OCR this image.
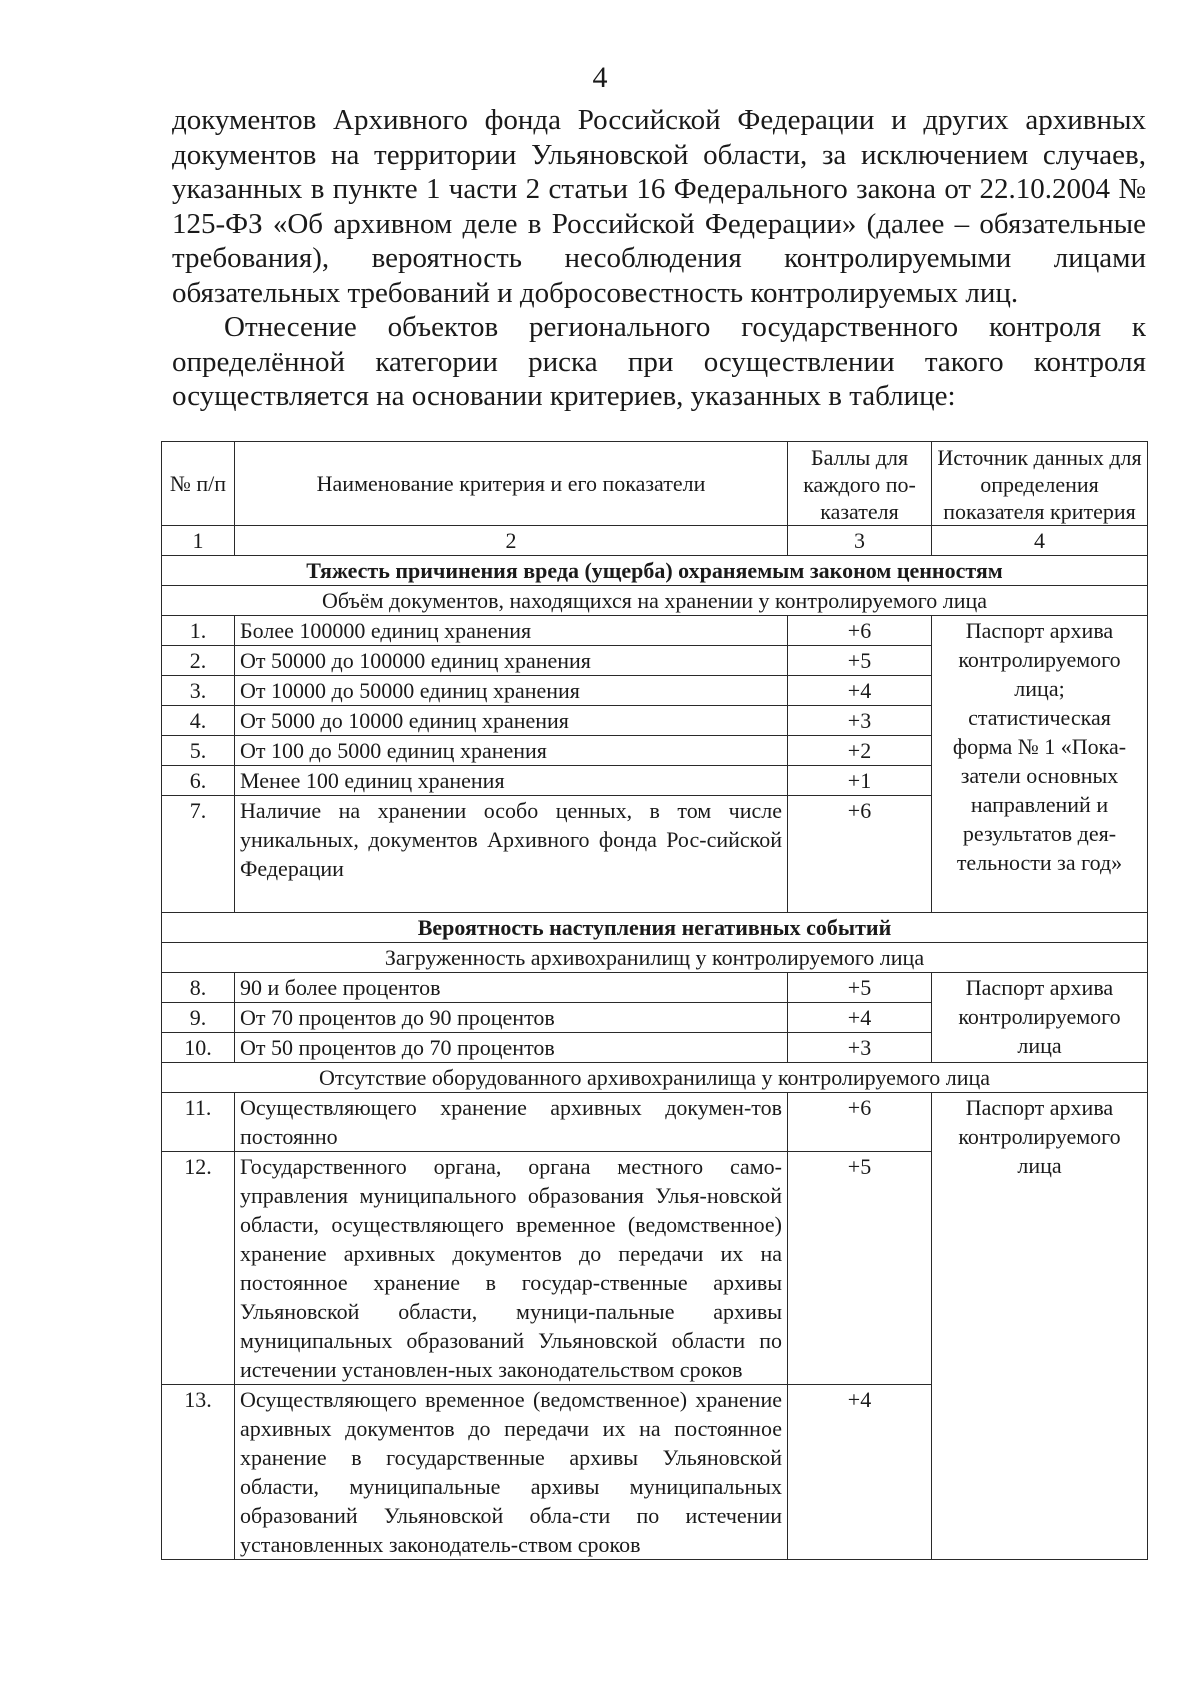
4

документов Архивного фонда Российской Федерации и других архивных документов на территории Ульяновской области, за исключением случаев, указанных в пункте 1 части 2 статьи 16 Федерального закона от 22.10.2004 № 125-ФЗ «Об архивном деле в Российской Федерации» (далее – обязательные требования), вероятность несоблюдения контролируемыми лицами обязательных требований и добросовестность контролируемых лиц.

Отнесение объектов регионального государственного контроля к определённой категории риска при осуществлении такого контроля осуществляется на основании критериев, указанных в таблице:

№ п/п	Наименование критерия и его показатели	Баллы для каждого по-казателя	Источник данных для определения показателя критерия
1	2	3	4
Тяжесть причинения вреда (ущерба) охраняемым законом ценностям			
Объём документов, находящихся на хранении у контролируемого лица			
1.	Более 100000 единиц хранения	+6	Паспорт архива контролируемого лица; статистическая форма № 1 «Пока-затели основных направлений и результатов дея-тельности за год»
2.	От 50000 до 100000 единиц хранения	+5	
3.	От 10000 до 50000 единиц хранения	+4	
4.	От 5000 до 10000 единиц хранения	+3	
5.	От 100 до 5000 единиц хранения	+2	
6.	Менее 100 единиц хранения	+1	
7.	Наличие на хранении особо ценных, в том числе уникальных, документов Архивного фонда Рос-сийской Федерации	+6	
Вероятность наступления негативных событий			
Загруженность архивохранилищ у контролируемого лица			
8.	90 и более процентов	+5	Паспорт архива контролируемого лица
9.	От 70 процентов до 90 процентов	+4	
10.	От 50 процентов до 70 процентов	+3	
Отсутствие оборудованного архивохранилища у контролируемого лица			
11.	Осуществляющего хранение архивных докумен-тов постоянно	+6	Паспорт архива контролируемого лица
12.	Государственного органа, органа местного само-управления муниципального образования Улья-новской области, осуществляющего временное (ведомственное) хранение архивных документов до передачи их на постоянное хранение в государ-ственные архивы Ульяновской области, муници-пальные архивы муниципальных образований Ульяновской области по истечении установлен-ных законодательством сроков	+5	
13.	Осуществляющего временное (ведомственное) хранение архивных документов до передачи их на постоянное хранение в государственные архивы Ульяновской области, муниципальные архивы муниципальных образований Ульяновской обла-сти по истечении установленных законодатель-ством сроков	+4	
